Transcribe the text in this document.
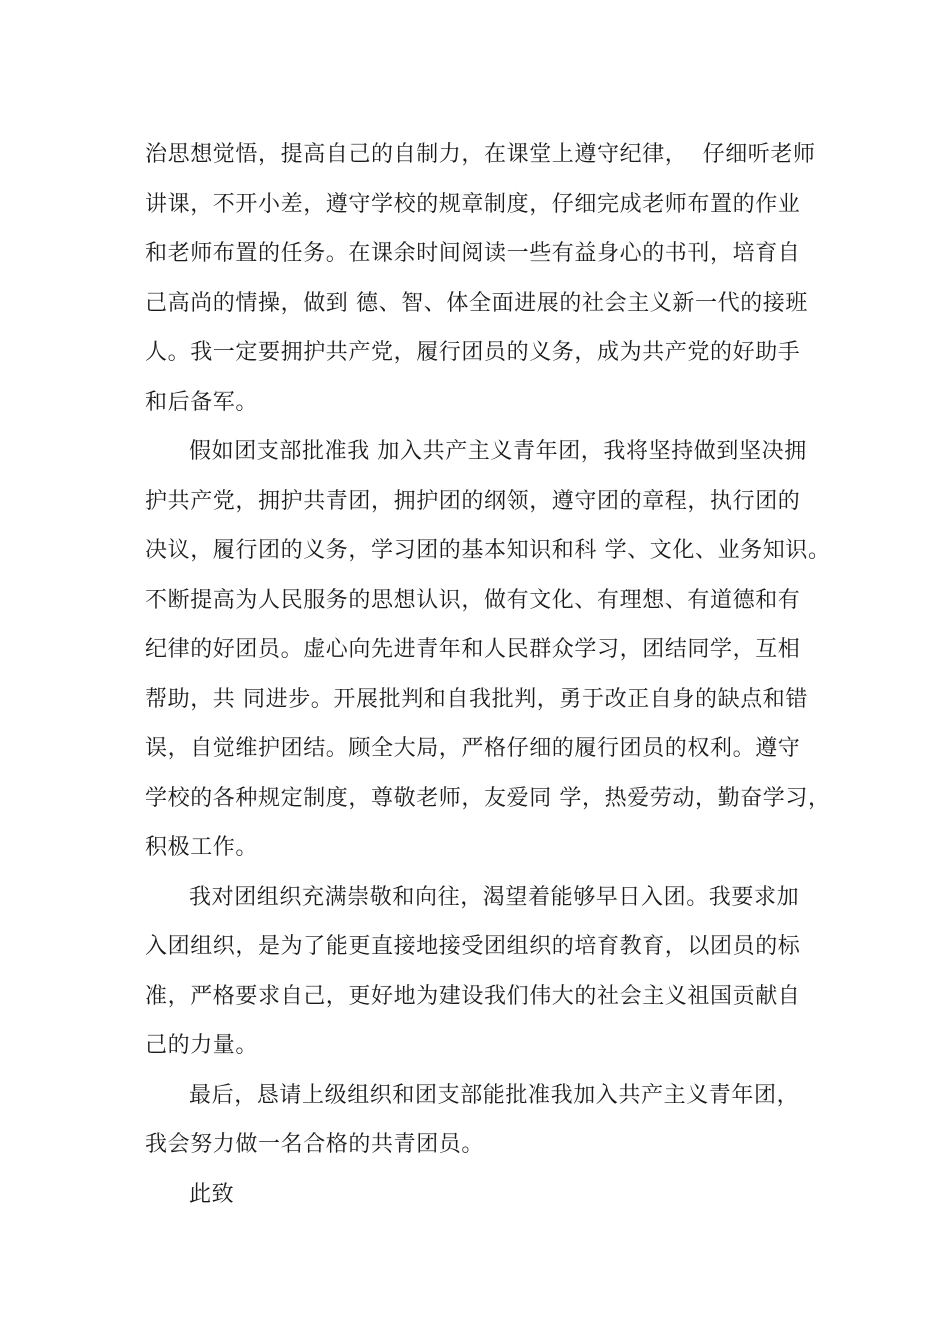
治思想觉悟，提高自己的自制力，在课堂上遵守纪律，  仔细听老师
讲课，不开小差，遵守学校的规章制度，仔细完成老师布置的作业
和老师布置的任务。在课余时间阅读一些有益身心的书刊，培育自
己高尚的情操，做到 德、智、体全面进展的社会主义新一代的接班
人。我一定要拥护共产党，履行团员的义务，成为共产党的好助手
和后备军。
假如团支部批准我 加入共产主义青年团，我将坚持做到坚决拥
护共产党，拥护共青团，拥护团的纲领，遵守团的章程，执行团的
决议，履行团的义务，学习团的基本知识和科 学、文化、业务知识。
不断提高为人民服务的思想认识，做有文化、有理想、有道德和有
纪律的好团员。虚心向先进青年和人民群众学习，团结同学，互相
帮助，共 同进步。开展批判和自我批判，勇于改正自身的缺点和错
误，自觉维护团结。顾全大局，严格仔细的履行团员的权利。遵守
学校的各种规定制度，尊敬老师，友爱同 学，热爱劳动，勤奋学习，
积极工作。
我对团组织充满崇敬和向往，渴望着能够早日入团。我要求加
入团组织，是为了能更直接地接受团组织的培育教育，以团员的标
准，严格要求自己，更好地为建设我们伟大的社会主义祖国贡献自
己的力量。
最后，恳请上级组织和团支部能批准我加入共产主义青年团，
我会努力做一名合格的共青团员。
此致
